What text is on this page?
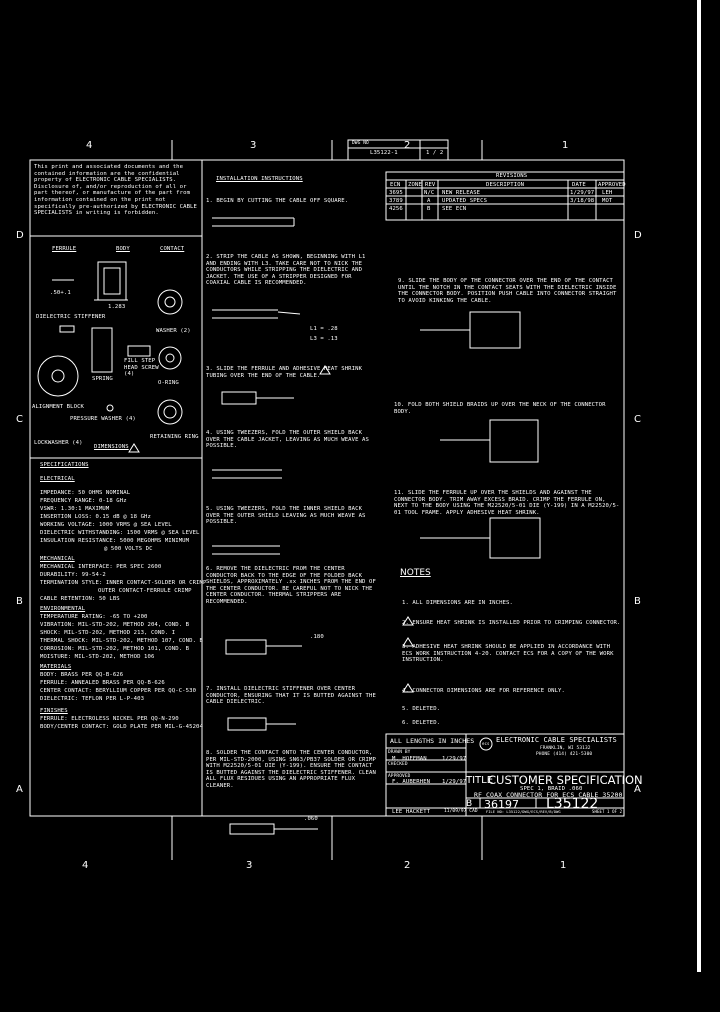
4	3	2	1
4	3	2	1
D
C
B
A
D
C
B
A
DWG NO
L35122-1	1 / 2
This print and associated documents and the contained information are the confidential property of ELECTRONIC CABLE SPECIALISTS. Disclosure of, and/or reproduction of all or part thereof, or manufacture of the part from information contained on the print not specifically pre-authorized by ELECTRONIC CABLE SPECIALISTS in writing is forbidden.
FERRULE	BODY	CONTACT
.50+.1
1.283
WASHER (2)
DIELECTRIC STIFFENER
SPRING
FILL STEP HEAD SCREW (4)
O-RING
ALIGNMENT BLOCK
PRESSURE WASHER (4)
RETAINING RING
LOCKWASHER (4)
DIMENSIONS
SPECIFICATIONS
ELECTRICAL
IMPEDANCE: 50 OHMS NOMINAL
FREQUENCY RANGE: 0-18 GHz
VSWR: 1.30:1 MAXIMUM
INSERTION LOSS: 0.15 dB @ 18 GHz
WORKING VOLTAGE: 1000 VRMS @ SEA LEVEL
DIELECTRIC WITHSTANDING: 1500 VRMS @ SEA LEVEL
INSULATION RESISTANCE: 5000 MEGOHMS MINIMUM
@ 500 VOLTS DC
MECHANICAL
MECHANICAL INTERFACE: PER SPEC 2600
DURABILITY: 99-54-2
TERMINATION STYLE: INNER CONTACT-SOLDER OR CRIMP
OUTER CONTACT-FERRULE CRIMP
CABLE RETENTION: 50 LBS
ENVIRONMENTAL
TEMPERATURE RATING: -65 TO +200
VIBRATION: MIL-STD-202, METHOD 204, COND. B
SHOCK: MIL-STD-202, METHOD 213, COND. I
THERMAL SHOCK: MIL-STD-202, METHOD 107, COND. B
CORROSION: MIL-STD-202, METHOD 101, COND. B
MOISTURE: MIL-STD-202, METHOD 106
MATERIALS
BODY: BRASS PER QQ-B-626
FERRULE: ANNEALED BRASS PER QQ-B-626
CENTER CONTACT: BERYLLIUM COPPER PER QQ-C-530
DIELECTRIC: TEFLON PER L-P-403
FINISHES
FERRULE: ELECTROLESS NICKEL PER QQ-N-290
BODY/CENTER CONTACT: GOLD PLATE PER MIL-G-45204
INSTALLATION INSTRUCTIONS
1. BEGIN BY CUTTING THE CABLE OFF SQUARE.
2. STRIP THE CABLE AS SHOWN, BEGINNING WITH L1 AND ENDING WITH L3. TAKE CARE NOT TO NICK THE CONDUCTORS WHILE STRIPPING THE DIELECTRIC AND JACKET. THE USE OF A STRIPPER DESIGNED FOR COAXIAL CABLE IS RECOMMENDED.
L1 = .28
L3 = .13
3. SLIDE THE FERRULE AND ADHESIVE HEAT SHRINK TUBING OVER THE END OF THE CABLE.
4. USING TWEEZERS, FOLD THE OUTER SHIELD BACK OVER THE CABLE JACKET, LEAVING AS MUCH WEAVE AS POSSIBLE.
5. USING TWEEZERS, FOLD THE INNER SHIELD BACK OVER THE OUTER SHIELD LEAVING AS MUCH WEAVE AS POSSIBLE.
6. REMOVE THE DIELECTRIC FROM THE CENTER CONDUCTOR BACK TO THE EDGE OF THE FOLDED BACK SHIELDS, APPROXIMATELY .xx INCHES FROM THE END OF THE CENTER CONDUCTOR. BE CAREFUL NOT TO NICK THE CENTER CONDUCTOR. THERMAL STRIPPERS ARE RECOMMENDED.
.180
7. INSTALL DIELECTRIC STIFFENER OVER CENTER CONDUCTOR, ENSURING THAT IT IS BUTTED AGAINST THE CABLE DIELECTRIC.
8. SOLDER THE CONTACT ONTO THE CENTER CONDUCTOR, PER MIL-STD-2000, USING SN63/PB37 SOLDER OR CRIMP WITH M22520/5-01 DIE (Y-199). ENSURE THE CONTACT IS BUTTED AGAINST THE DIELECTRIC STIFFENER. CLEAN ALL FLUX RESIDUES USING AN APPROPRIATE FLUX CLEANER.
.060
REVISIONS
ECN ZONE REV	DESCRIPTION	DATE APPROVED
3695	N/C NEW RELEASE	1/29/97 LEH
3789	A UPDATED SPECS	3/18/98 MOT
4256	B SEE ECN
9. SLIDE THE BODY OF THE CONNECTOR OVER THE END OF THE CONTACT UNTIL THE NOTCH IN THE CONTACT SEATS WITH THE DIELECTRIC INSIDE THE CONNECTOR BODY. POSITION PUSH CABLE INTO CONNECTOR STRAIGHT TO AVOID KINKING THE CABLE.
10. FOLD BOTH SHIELD BRAIDS UP OVER THE NECK OF THE CONNECTOR BODY.
11. SLIDE THE FERRULE UP OVER THE SHIELDS AND AGAINST THE CONNECTOR BODY. TRIM AWAY EXCESS BRAID. CRIMP THE FERRULE ON, NEXT TO THE BODY USING THE M22520/5-01 DIE (Y-199) IN A M22520/5-01 TOOL FRAME. APPLY ADHESIVE HEAT SHRINK.
NOTES
1. ALL DIMENSIONS ARE IN INCHES.
2. ENSURE HEAT SHRINK IS INSTALLED PRIOR TO CRIMPING CONNECTOR.
3. ADHESIVE HEAT SHRINK SHOULD BE APPLIED IN ACCORDANCE WITH ECS WORK INSTRUCTION 4-20. CONTACT ECS FOR A COPY OF THE WORK INSTRUCTION.
4. CONNECTOR DIMENSIONS ARE FOR REFERENCE ONLY.
5. DELETED.
6. DELETED.
ALL LENGTHS IN INCHES ecs ELECTRONIC CABLE SPECIALISTS
FRANKLIN, WI 53132
PHONE (414) 421-5300
DRAWN BY
M. HOFFMAN	1/29/97
CHECKED
APPROVED
F. AUBERHEN 1/29/97 TITLE
CUSTOMER SPECIFICATION
SPEC 1, BRAID .060
RF COAX CONNECTOR FOR ECS CABLE 35200
B 36197 L35122
LEE HACKETT	11/09/97 CAD FILE NO: L35122/DWG/ECS/REV/B/DWG	SHEET 1 OF 2
